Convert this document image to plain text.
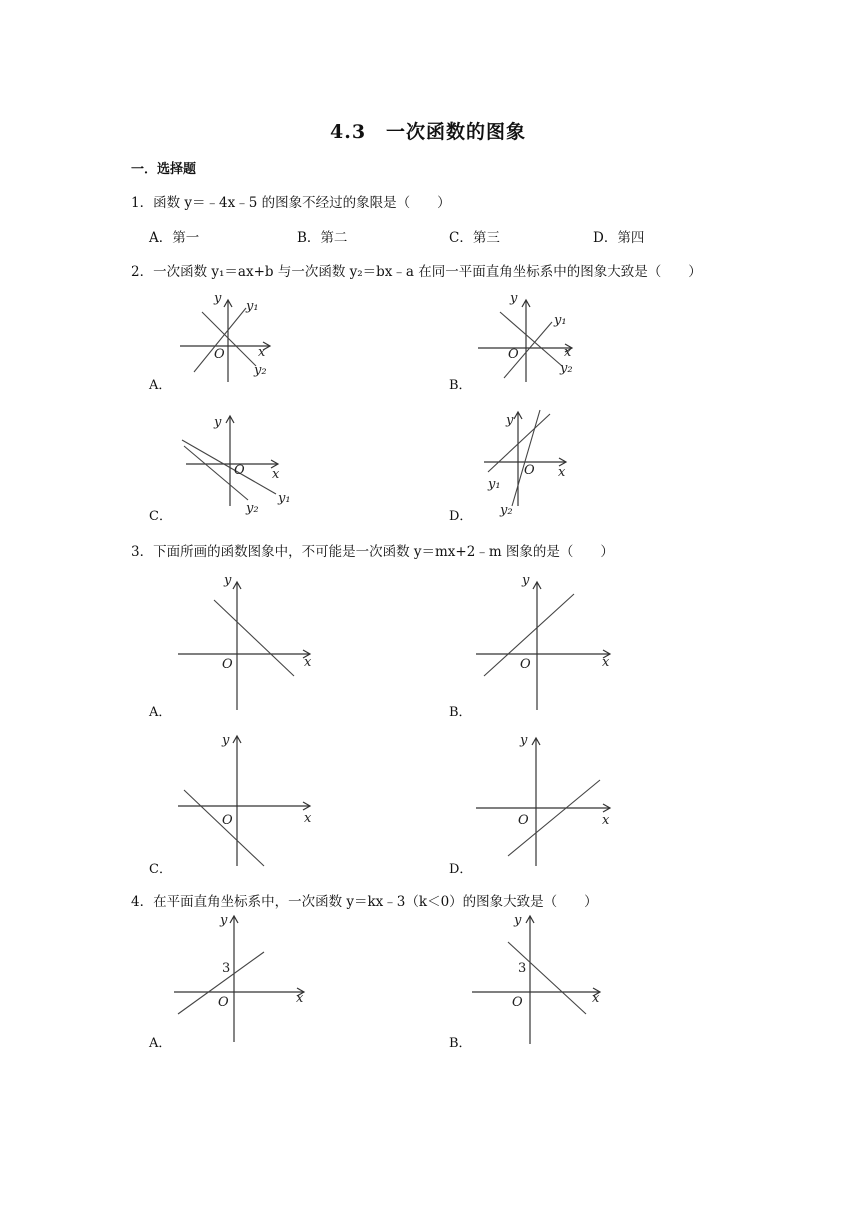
4.3　一次函数的图象
一．选择题
1．函数 y＝﹣4x﹣5 的图象不经过的象限是（　　）
A．第一	B．第二	C．第三	D．第四
2．一次函数 y₁＝ax+b 与一次函数 y₂＝bx﹣a 在同一平面直角坐标系中的图象大致是（　　）
y
x
O
y₁
y₂
A．
y
x
O
y₁
y₂
B．
y
x
O
y₁
y₂
C．
y
x
O
y₁
y₂
D．
3．下面所画的函数图象中，不可能是一次函数 y＝mx+2﹣m 图象的是（　　）
y
x
O
A．
y
x
O
B．
y
x
O
C．
y
x
O
D．
4．在平面直角坐标系中，一次函数 y＝kx﹣3（k＜0）的图象大致是（　　）
y
x
O
3
A．
y
x
O
3
B．
